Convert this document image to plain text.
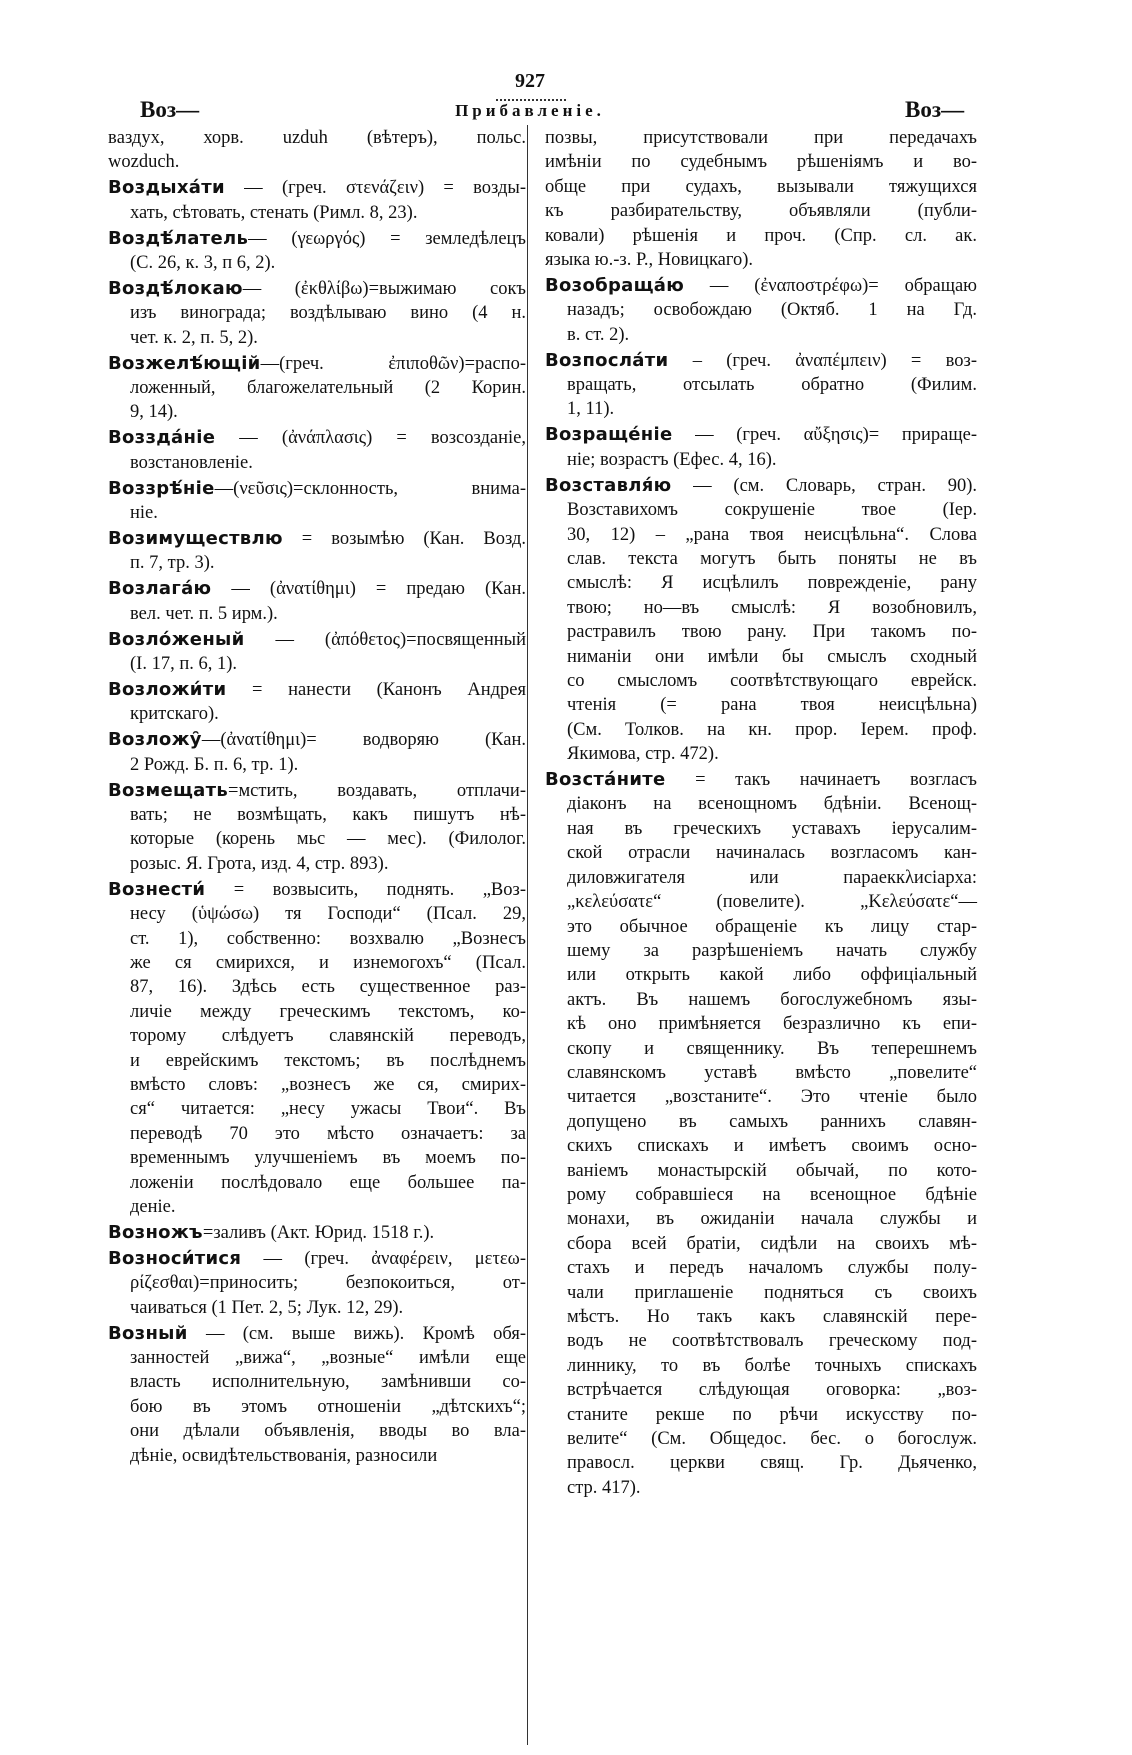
927
Воз—	Прибавленіе.	Воз—
вaздух, хорв. uzduh (вѣтеръ), польс.
wozduch.
Воздыха́ти — (греч. στενάζειν) = возды-
хать, сѣтовать, стенать (Римл. 8, 23).
Воздѣ́латель— (γεωργός) = земледѣлецъ
(С. 26, к. 3, п 6, 2).
Воздѣ́локаю— (ἐκθλίβω)=выжимаю сокъ
изъ винограда; воздѣлываю вино (4 н.
чет. к. 2, п. 5, 2).
Возжелѣ́ющій—(греч. ἐπιποθῶν)=распо-
ложенный, благожелательный (2 Корин.
9, 14).
Воззда́ніе — (ἀνάπλασις) = возсозданіе,
возстановленіе.
Воззрѣ́ніе—(νεῦσις)=склонность, внима-
ніе.
Возимуществлю = возымѣю (Кан. Возд.
п. 7, тр. 3).
Возлага́ю — (ἀνατίθημι) = предаю (Кан.
вел. чет. п. 5 ирм.).
Возло́женый — (ἀπόθετος)=посвященный
(І. 17, п. 6, 1).
Возложи́ти = нанести (Канонъ Андрея
критскаго).
Возложу̑—(ἀνατίθημι)= водворяю (Кан.
2 Рожд. Б. п. 6, тр. 1).
Возмещать=мстить, воздавать, отплачи-
вать; не возмѣщать, какъ пишутъ нѣ-
которые (корень мьс — мес). (Филолог.
розыс. Я. Грота, изд. 4, стр. 893).
Вознести́ = возвысить, поднять. „Воз-
несу (ὑψώσω) тя Господи“ (Псал. 29,
ст. 1), собственно: возхвалю „Вознесъ
же ся смирихся, и изнемогохъ“ (Псал.
87, 16). Здѣсь есть существенное раз-
личіе между греческимъ текстомъ, ко-
торому слѣдуетъ славянскій переводъ,
и еврейскимъ текстомъ; въ послѣднемъ
вмѣсто словъ: „вознесъ же ся, смирих-
ся“ читается: „несу ужасы Твои“. Въ
переводѣ 70 это мѣсто означаетъ: за
временнымъ улучшеніемъ въ моемъ по-
ложеніи послѣдовало еще большее па-
деніе.
Возножъ=заливъ (Акт. Юрид. 1518 г.).
Возноси́тися — (греч. ἀναφέρειν, μετεω-
ρίζεσθαι)=приносить; безпокоиться, от-
чаиваться (1 Пет. 2, 5; Лук. 12, 29).
Возный — (см. выше вижь). Кромѣ обя-
занностей „вижа“, „возные“ имѣли еще
власть исполнительную, замѣнивши со-
бою въ этомъ отношеніи „дѣтскихъ“;
они дѣлали объявленія, вводы во вла-
дѣніе, освидѣтельствованія, разносили
позвы, присутствовали при передачахъ
имѣніи по судебнымъ рѣшеніямъ и во-
обще при судахъ, вызывали тяжущихся
къ разбирательству, объявляли (публи-
ковали) рѣшенія и проч. (Спр. сл. ак.
языка ю.-з. Р., Новицкаго).
Возобраща́ю — (ἐναποστρέφω)= обращаю
назадъ; освобождаю (Октяб. 1 на Гд.
в. ст. 2).
Возпосла́ти – (греч. ἀναπέμπειν) = воз-
вращать, отсылать обратно (Филим.
1, 11).
Возраще́ніе — (греч. αὔξησις)= приращe-
ніе; возрастъ (Ефес. 4, 16).
Возставля́ю — (см. Словарь, стран. 90).
Возставихомъ сокрушеніе твое (Іер.
30, 12) – „рана твоя неисцѣльна“. Слова
слав. текста могутъ быть поняты не въ
смыслѣ: Я исцѣлилъ поврежденіе, рану
твою; но—въ смыслѣ: Я возобновилъ,
растравилъ твою рану. При такомъ по-
ниманіи они имѣли бы смыслъ сходный
со смысломъ соотвѣтствующаго еврейск.
чтенія (= рана твоя неисцѣльна)
(См. Толков. на кн. прор. Іерем. проф.
Якимова, стр. 472).
Возста́ните = такъ начинаетъ возгласъ
діаконъ на всенощномъ бдѣніи. Всенощ-
ная въ греческихъ уставахъ іерусалим-
ской отрасли начиналась возгласомъ кан-
диловжигателя или параеккλисіарха:
„κελεύσατε“ (повелите). „Κελεύσατε“—
это обычное обращеніе къ лицу стар-
шему за разрѣшеніемъ начать службу
или открыть какой либо оффиціальный
актъ. Въ нашемъ богослужебномъ язы-
кѣ оно примѣняется безразлично къ епи-
скопу и священнику. Въ теперешнемъ
славянскомъ уставѣ вмѣсто „повелите“
читается „возстаните“. Это чтеніе было
допущено въ самыхъ раннихъ славян-
скихъ спискахъ и имѣетъ своимъ осно-
ваніемъ монастырскій обычай, по кото-
рому собравшіеся на всенощное бдѣніе
монахи, въ ожиданіи начала службы и
сбора всей братіи, сидѣли на своихъ мѣ-
стахъ и передъ началомъ службы полу-
чали приглашеніе подняться съ своихъ
мѣстъ. Но такъ какъ славянскій пере-
водъ не соотвѣтствовалъ греческому под-
линнику, то въ болѣе точныхъ спискахъ
встрѣчается слѣдующая оговорка: „воз-
станите рекше по рѣчи искусству по-
велите“ (См. Общедос. бес. о богослуж.
правосл. церкви свящ. Гр. Дьяченко,
стр. 417).
